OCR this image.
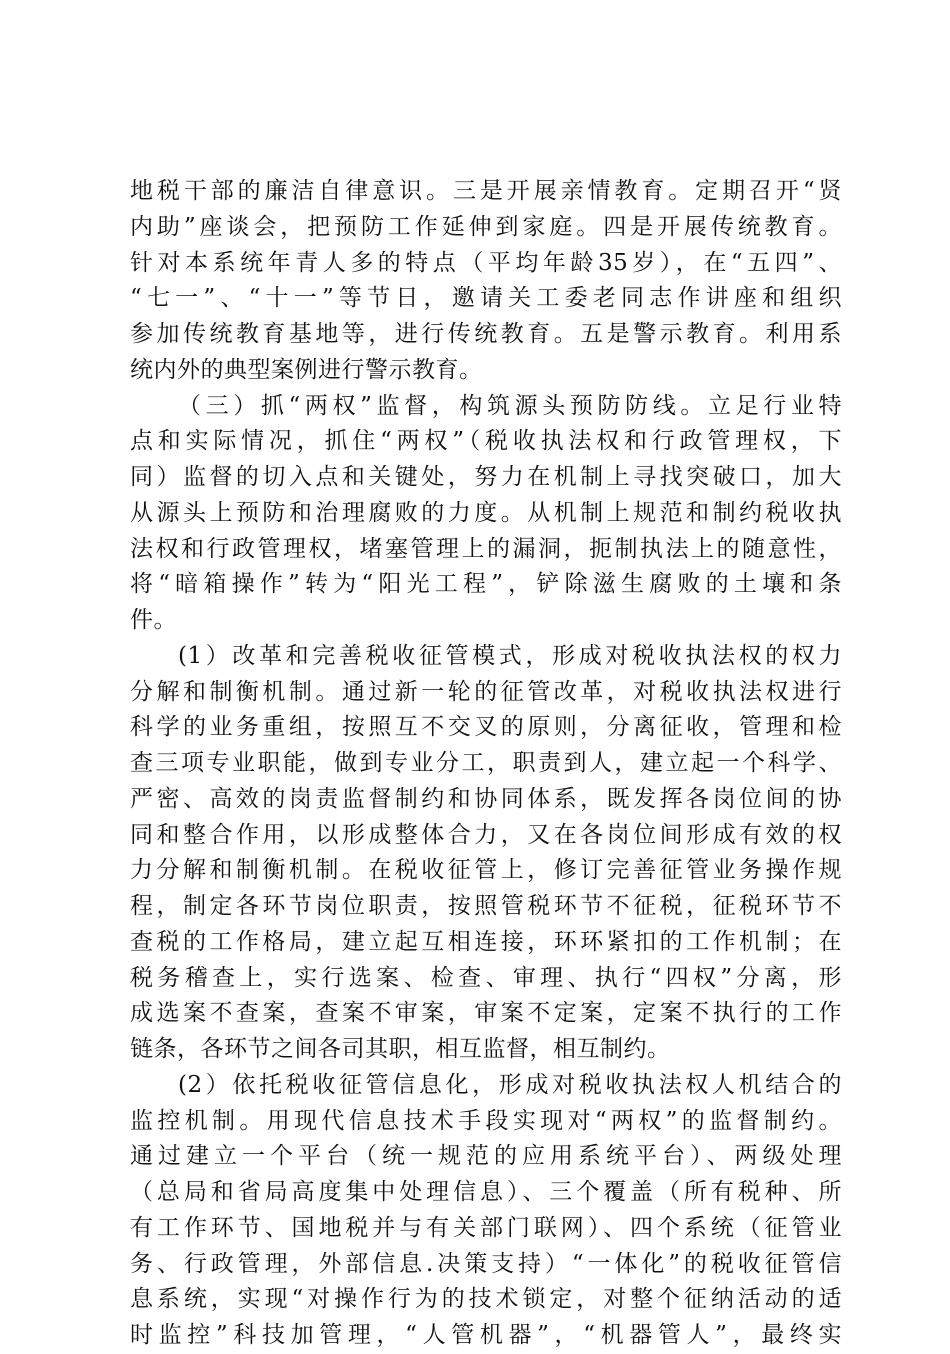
地税干部的廉洁自律意识。三是开展亲情教育。定期召开“贤
内助”座谈会，把预防工作延伸到家庭。四是开展传统教育。
针对本系统年青人多的特点（平均年龄35岁），在“五四”、
“七一”、“十一”等节日，邀请关工委老同志作讲座和组织
参加传统教育基地等，进行传统教育。五是警示教育。利用系
统内外的典型案例进行警示教育。
（三）抓“两权”监督，构筑源头预防防线。立足行业特
点和实际情况，抓住“两权”（税收执法权和行政管理权，下
同）监督的切入点和关键处，努力在机制上寻找突破口，加大
从源头上预防和治理腐败的力度。从机制上规范和制约税收执
法权和行政管理权，堵塞管理上的漏洞，扼制执法上的随意性，
将“暗箱操作”转为“阳光工程”，铲除滋生腐败的土壤和条
件。
(1）改革和完善税收征管模式，形成对税收执法权的权力
分解和制衡机制。通过新一轮的征管改革，对税收执法权进行
科学的业务重组，按照互不交叉的原则，分离征收，管理和检
查三项专业职能，做到专业分工，职责到人，建立起一个科学、
严密、高效的岗责监督制约和协同体系，既发挥各岗位间的协
同和整合作用，以形成整体合力，又在各岗位间形成有效的权
力分解和制衡机制。在税收征管上，修订完善征管业务操作规
程，制定各环节岗位职责，按照管税环节不征税，征税环节不
查税的工作格局，建立起互相连接，环环紧扣的工作机制；在
税务稽查上，实行选案、检查、审理、执行“四权”分离，形
成选案不查案，查案不审案，审案不定案，定案不执行的工作
链条，各环节之间各司其职，相互监督，相互制约。
(2）依托税收征管信息化，形成对税收执法权人机结合的
监控机制。用现代信息技术手段实现对“两权”的监督制约。
通过建立一个平台（统一规范的应用系统平台）、两级处理
（总局和省局高度集中处理信息）、三个覆盖（所有税种、所
有工作环节、国地税并与有关部门联网）、四个系统（征管业
务、行政管理，外部信息.决策支持）“一体化”的税收征管信
息系统，实现“对操作行为的技术锁定，对整个征纳活动的适
时监控”科技加管理，“人管机器”，“机器管人”，最终实
